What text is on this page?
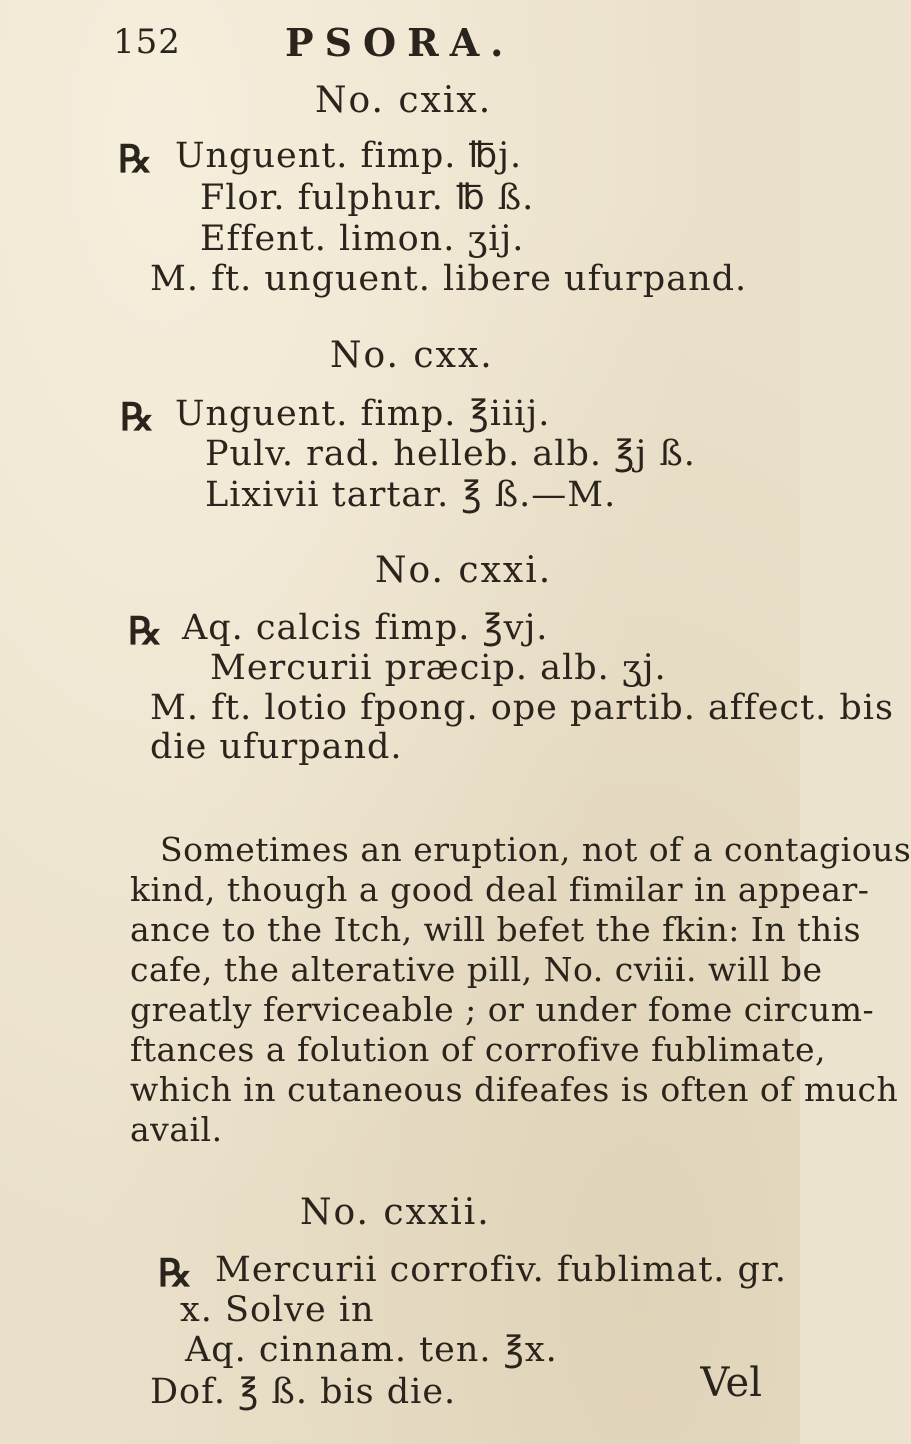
152	PSORA.
No. cxix.
℞ Unguent. fimp. ℔j.
Flor. fulphur. ℔ ß.
Effent. limon. ʒij.
M. ft. unguent. libere ufurpand.
No. cxx.
℞ Unguent. fimp. ℥iiij.
Pulv. rad. helleb. alb. ℥j ß.
Lixivii tartar. ℥ ß.—M.
No. cxxi.
℞ Aq. calcis fimp. ℥vj.
Mercurii præcip. alb. ʒj.
M. ft. lotio fpong. ope partib. affect. bis
die ufurpand.
Sometimes an eruption, not of a contagious
kind, though a good deal fimilar in appear-
ance to the Itch, will befet the fkin: In this
cafe, the alterative pill, No. cviii. will be
greatly ferviceable ; or under fome circum-
ftances a folution of corrofive fublimate,
which in cutaneous difeafes is often of much
avail.
No. cxxii.
℞ Mercurii corrofiv. fublimat. gr.
x. Solve in
Aq. cinnam. ten. ℥x.
Dof. ℥ ß. bis die.	Vel
